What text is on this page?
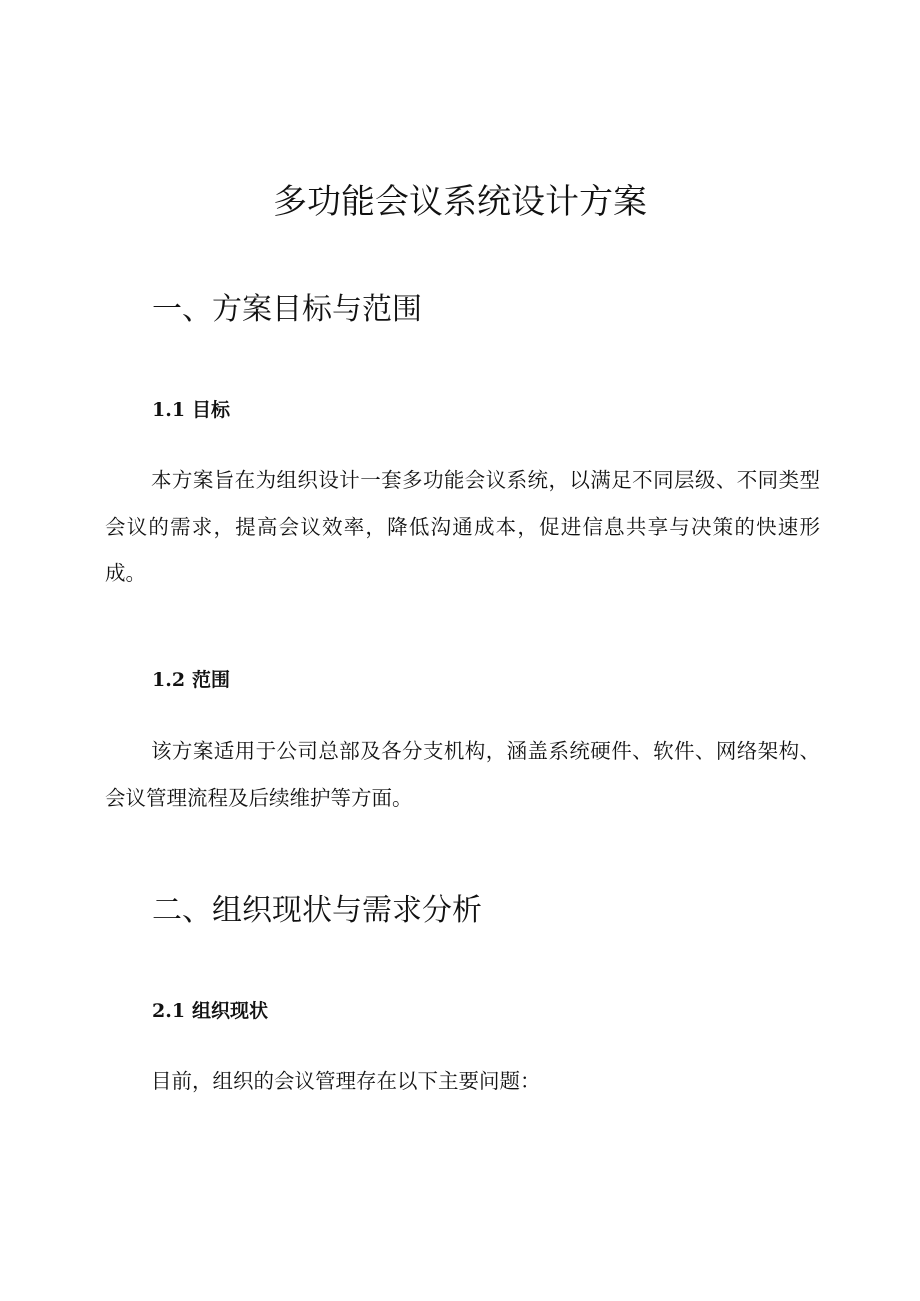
多功能会议系统设计方案
一、方案目标与范围
1.1 目标

本方案旨在为组织设计一套多功能会议系统，以满足不同层级、不同类型会议的需求，提高会议效率，降低沟通成本，促进信息共享与决策的快速形成。

1.2 范围

该方案适用于公司总部及各分支机构，涵盖系统硬件、软件、网络架构、会议管理流程及后续维护等方面。

二、组织现状与需求分析
2.1 组织现状

目前，组织的会议管理存在以下主要问题：
